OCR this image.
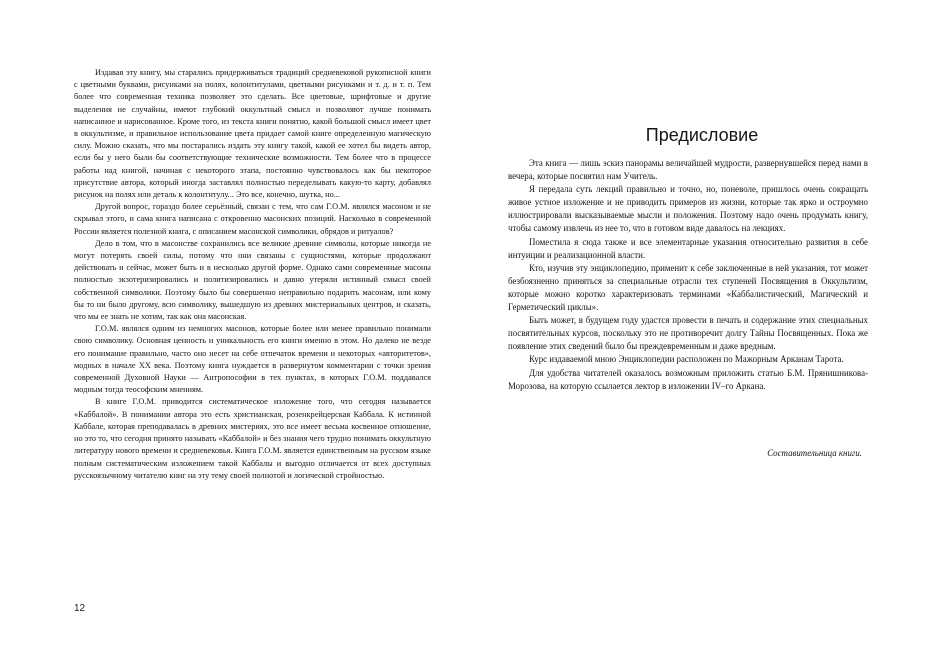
Издавая эту книгу, мы старались придерживаться традиций средневековой рукописной книги с цветными буквами, рисунками на полях, колонтитулами, цветными рисунками и т. д. и т. п. Тем более что современная техника позволяет это сделать. Все цветовые, шрифтовые и другие выделения не случайны, имеют глубокий оккультный смысл и позволяют лучше понимать написанное и нарисованное. Кроме того, из текста книги понятно, какой большой смысл имеет цвет в оккультизме, и правильное использование цвета придает самой книге определенную магическую силу. Можно сказать, что мы постарались издать эту книгу такой, какой ее хотел бы видеть автор, если бы у него были бы соответствующие технические возможности. Тем более что в процессе работы над книгой, начиная с некоторого этапа, постоянно чувствовалось как бы некоторое присутствие автора, который иногда заставлял полностью переделывать какую-то карту, добавлял рисунок на полях или деталь к колонтитулу... Это все, конечно, шутка, но...

Другой вопрос, гораздо более серьёзный, связан с тем, что сам Г.О.М. являлся масоном и не скрывал этого, и сама книга написана с откровенно масонских позиций. Насколько в современной России является полезной книга, с описанием масонской символики, обрядов и ритуалов?

Дело в том, что в масонстве сохранились все великие древние символы, которые никогда не могут потерять своей силы, потому что они связаны с сущностями, которые продолжают действовать и сейчас, может быть и в несколько другой форме. Однако сами современные масоны полностью экзотеризировались и политизировались и давно утеряли истинный смысл своей собственной символики. Поэтому было бы совершенно неправильно подарить масонам, или кому бы то ни было другому, всю символику, вышедшую из древних мистериальных центров, и сказать, что мы ее знать не хотим, так как она масонская.

Г.О.М. являлся одним из немногих масонов, которые более или менее правильно понимали свою символику. Основная ценность и уникальность его книги именно в этом. Но далеко не везде его понимание правильно, часто оно несет на себе отпечаток времени и некоторых «авторитетов», модных в начале XX века. Поэтому книга нуждается в развернутом комментарии с точки зрения современной Духовной Науки — Антропософии в тех пунктах, в которых Г.О.М. поддавался модным тогда теософским мнениям.

В книге Г.О.М. приводится систематическое изложение того, что сегодня называется «Каббалой». В понимании автора это есть христианская, розенкрейцерская Каббала. К истинной Каббале, которая преподавалась в древних мистериях, это все имеет весьма косвенное отношение, но это то, что сегодня принято называть «Каббалой» и без знания чего трудно понимать оккультную литературу нового времени и средневековья. Книга Г.О.М. является единственным на русском языке полным систематическим изложением такой Каббалы и выгодно отличается от всех доступных русскоязычному читателю книг на эту тему своей полнотой и логической стройностью.

12
Предисловие

Эта книга — лишь эскиз панорамы величайшей мудрости, развернувшейся перед нами в вечера, которые посвятил нам Учитель.

Я передала суть лекций правильно и точно, но, поневоле, пришлось очень сокращать живое устное изложение и не приводить примеров из жизни, которые так ярко и остроумно иллюстрировали высказываемые мысли и положения. Поэтому надо очень продумать книгу, чтобы самому извлечь из нее то, что в готовом виде давалось на лекциях.

Поместила я сюда также и все элементарные указания относительно развития в себе интуиции и реализационной власти.

Кто, изучив эту энциклопедию, применит к себе заключенные в ней указания, тот может безбоязненно приняться за специальные отрасли тех ступеней Посвящения в Оккультизм, которые можно коротко характеризовать терминами «Каббалистический, Магический и Герметический циклы».

Быть может, в будущем году удастся провести в печать и содержание этих специальных посвятительных курсов, поскольку это не противоречит долгу Тайны Посвященных. Пока же появление этих сведений было бы преждевременным и даже вредным.

Курс издаваемой мною Энциклопедии расположен по Мажорным Арканам Тарота.

Для удобства читателей оказалось возможным приложить статью Б.М. Прянишникова-Морозова, на которую ссылается лектор в изложении IV–го Аркана.

Составительница книги.
